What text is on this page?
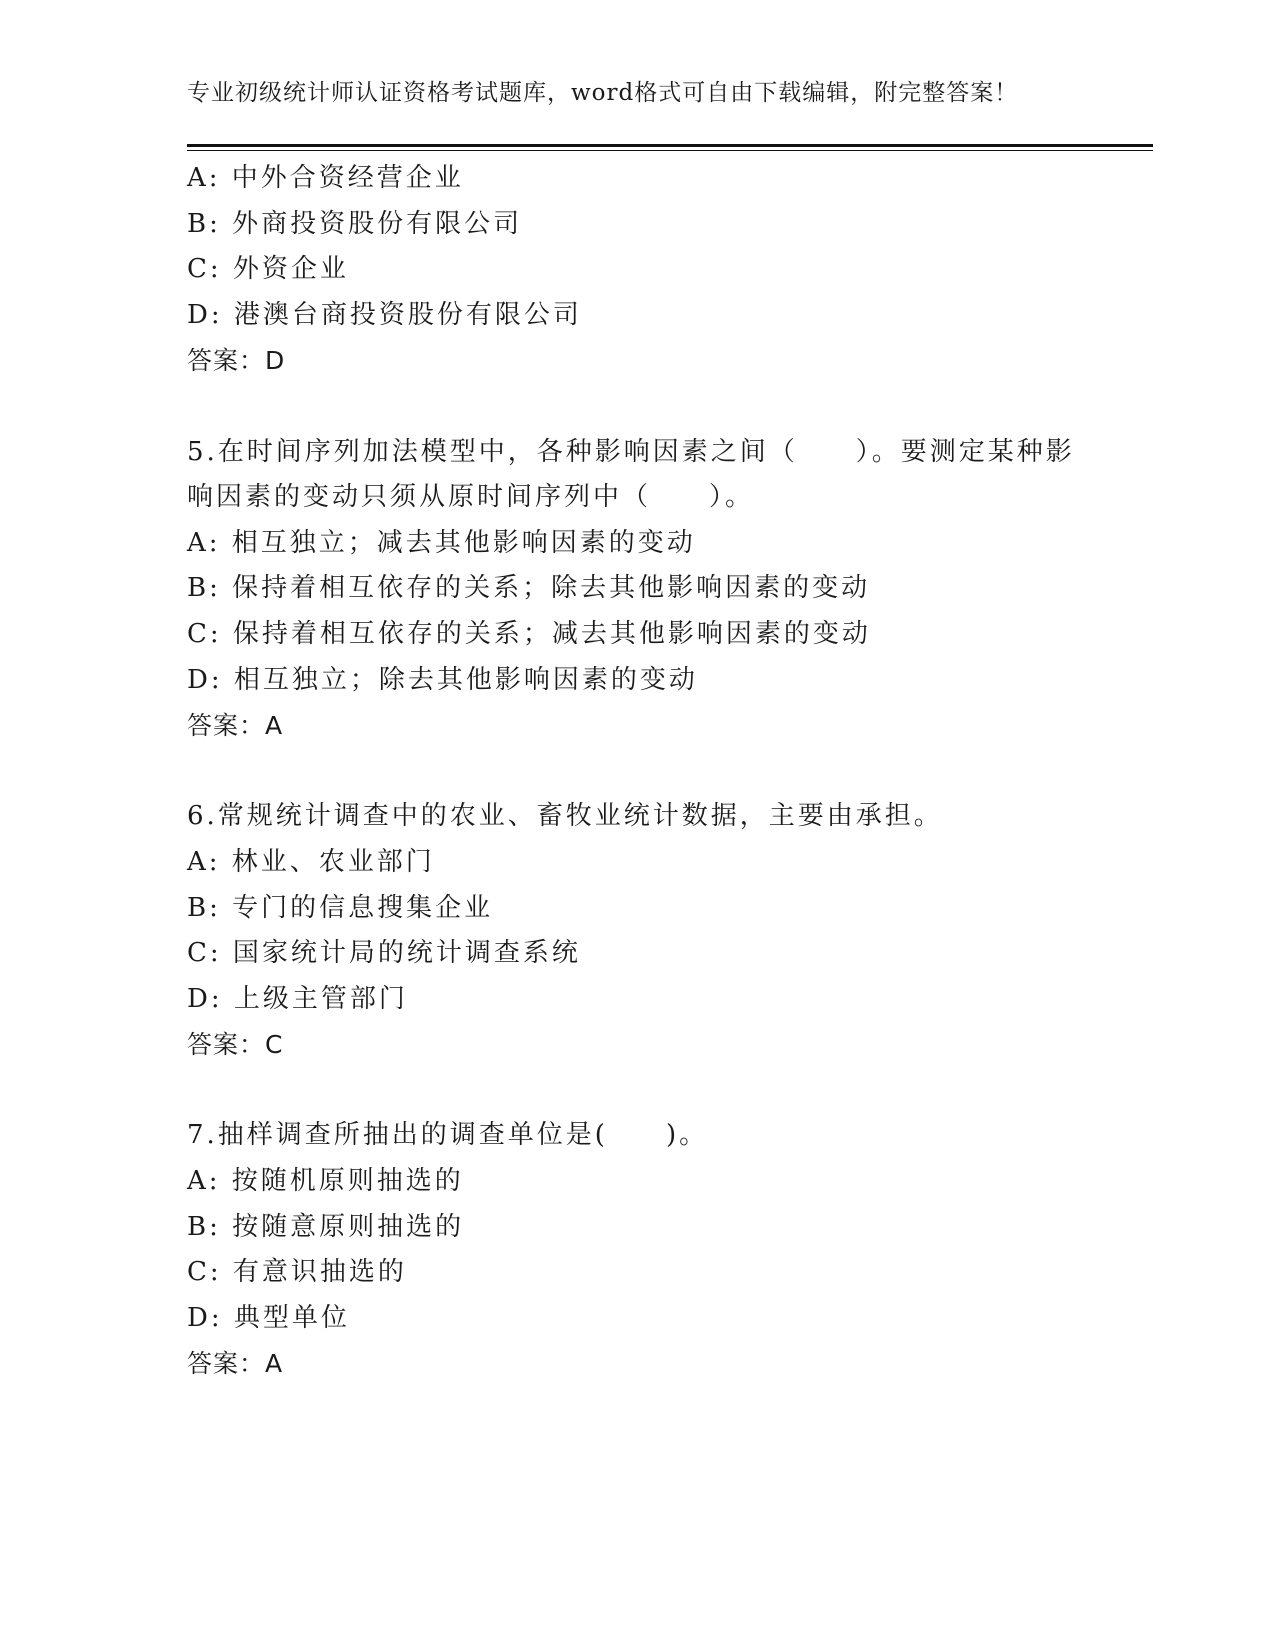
专业初级统计师认证资格考试题库，word格式可自由下载编辑，附完整答案！
A: 中外合资经营企业
B: 外商投资股份有限公司
C: 外资企业
D: 港澳台商投资股份有限公司
答案：D
5.在时间序列加法模型中，各种影响因素之间（　　）。要测定某种影
响因素的变动只须从原时间序列中（　　）。
A: 相互独立；减去其他影响因素的变动
B: 保持着相互依存的关系；除去其他影响因素的变动
C: 保持着相互依存的关系；减去其他影响因素的变动
D: 相互独立；除去其他影响因素的变动
答案：A
6.常规统计调查中的农业、畜牧业统计数据，主要由承担。
A: 林业、农业部门
B: 专门的信息搜集企业
C: 国家统计局的统计调查系统
D: 上级主管部门
答案：C
7.抽样调查所抽出的调查单位是(　　)。
A: 按随机原则抽选的
B: 按随意原则抽选的
C: 有意识抽选的
D: 典型单位
答案：A
